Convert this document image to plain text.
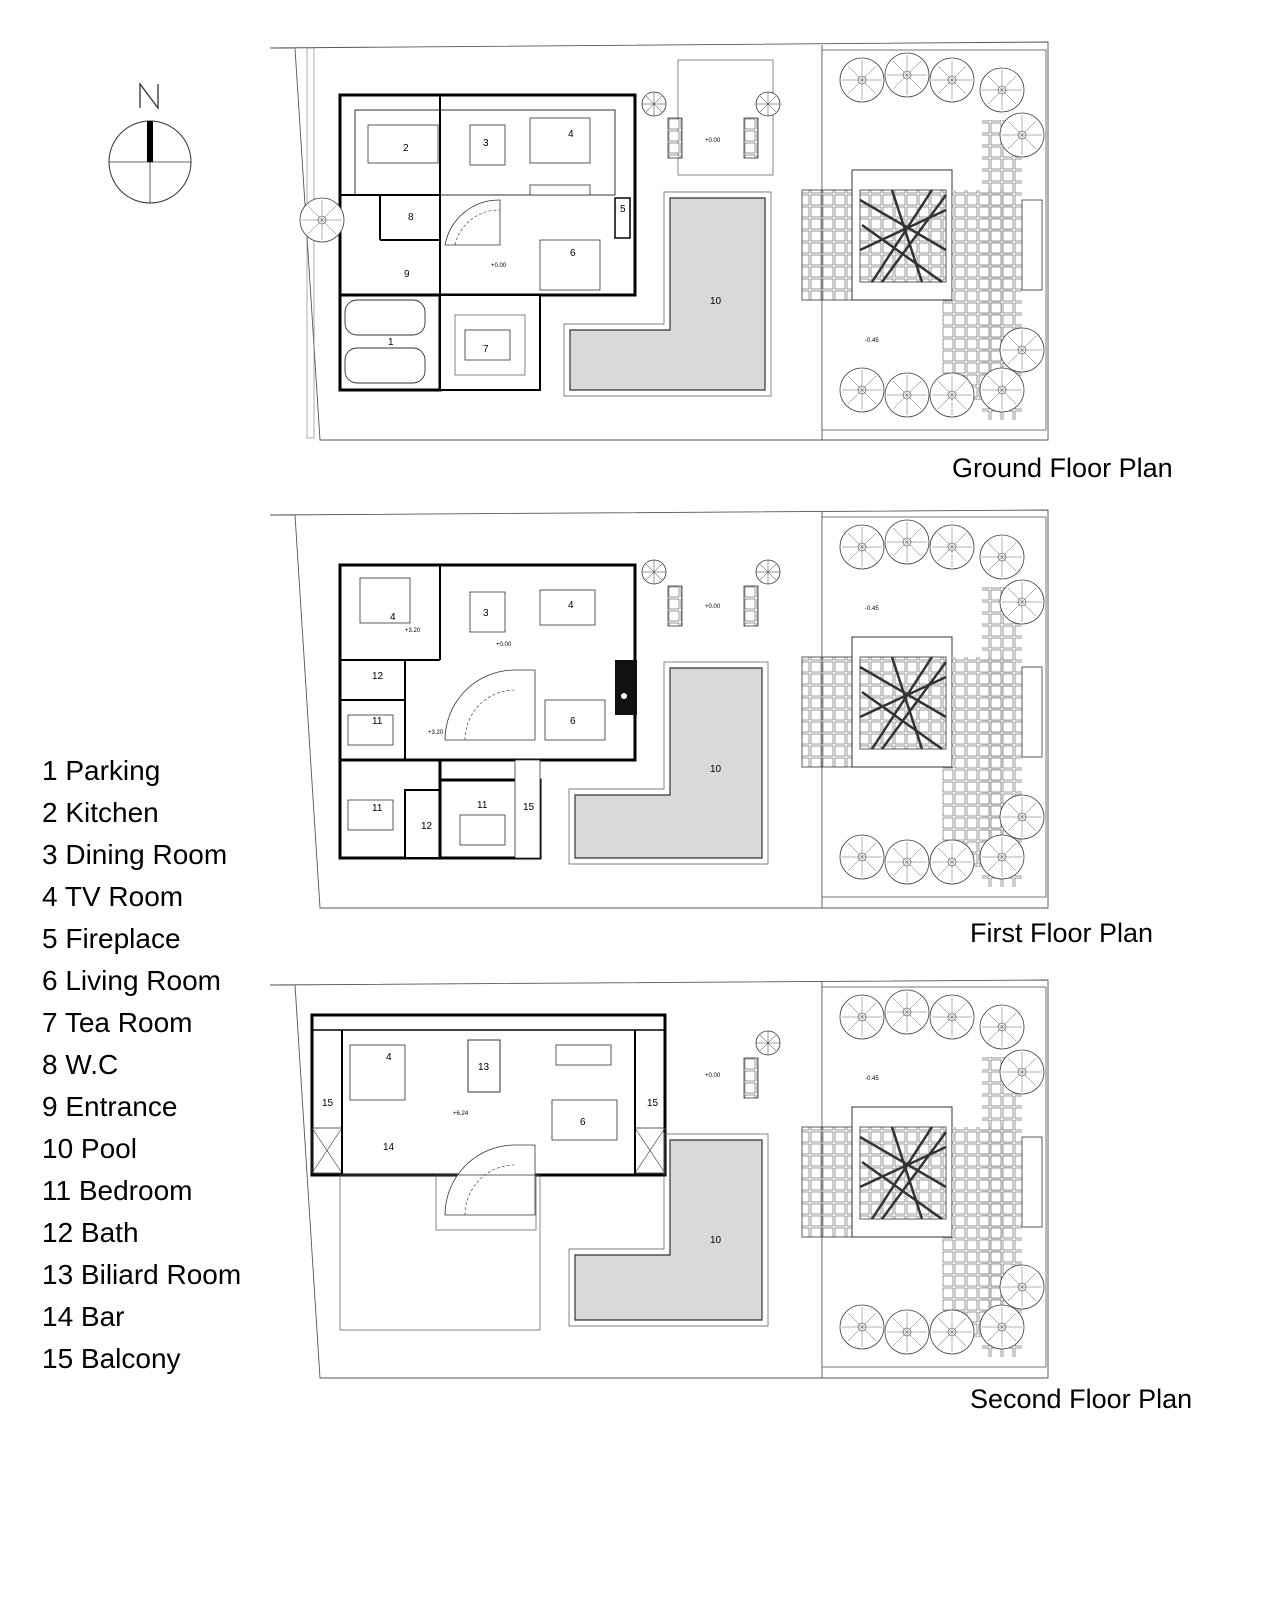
1
2	3
4
5
6
7
8
9
10
+0.00
+0.00
-0.45
4	3
4
6
11
11	11
12
12
15
10
+3.20
+0.00
+3.20
+0.00	-0.45
4
13
6
15	15
14
10
+6.24
+0.00	-0.45
Ground Floor Plan
First Floor Plan
Second Floor Plan
1 Parking
2 Kitchen
3 Dining Room
4 TV Room
5 Fireplace
6 Living Room
7 Tea Room
8 W.C
9 Entrance
10 Pool
11 Bedroom
12 Bath
13 Biliard Room
14 Bar
15 Balcony
